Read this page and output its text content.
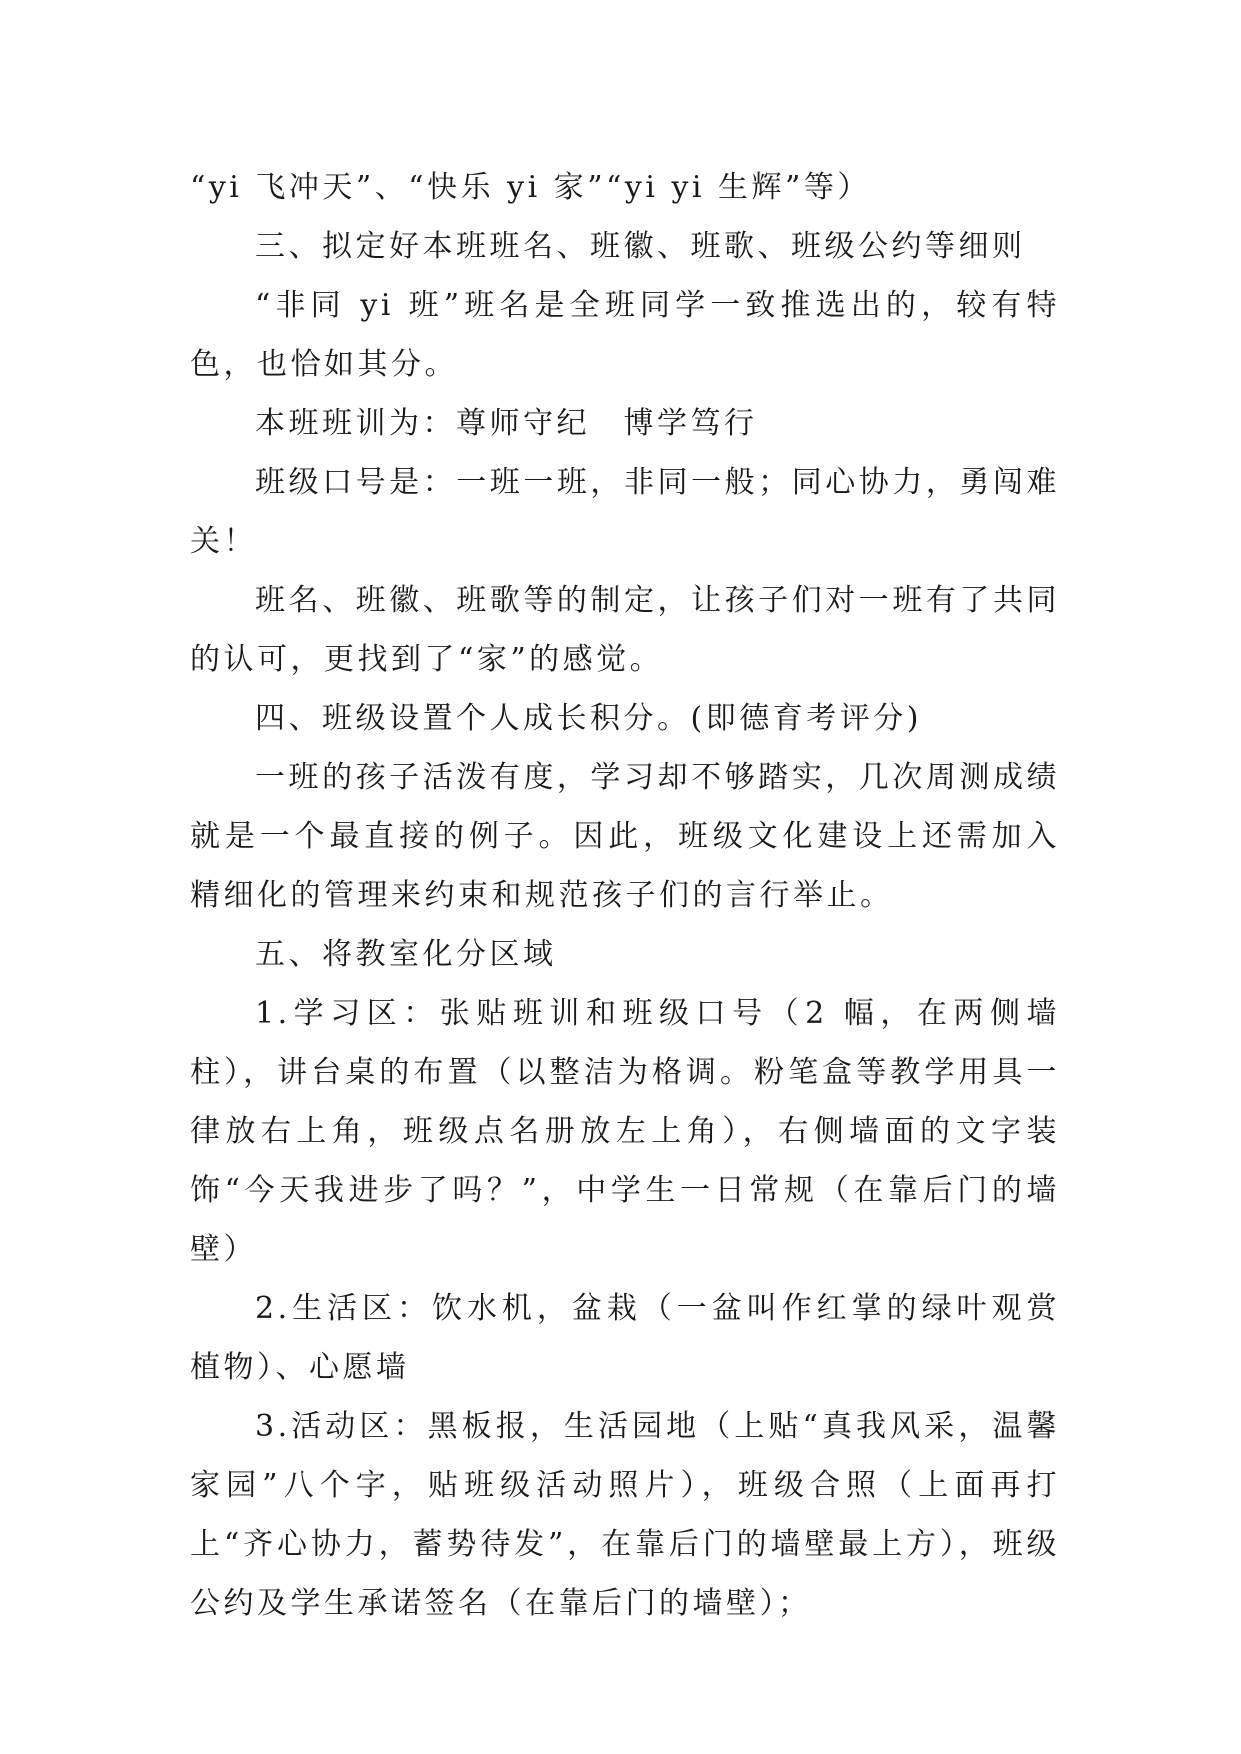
“yi 飞冲天”、“快乐 yi 家”“yi yi 生辉”等）

三、拟定好本班班名、班徽、班歌、班级公约等细则

“非同 yi 班”班名是全班同学一致推选出的，较有特色，也恰如其分。

本班班训为：尊师守纪　博学笃行

班级口号是：一班一班，非同一般；同心协力，勇闯难关！

班名、班徽、班歌等的制定，让孩子们对一班有了共同的认可，更找到了“家”的感觉。

四、班级设置个人成长积分。(即德育考评分)

一班的孩子活泼有度，学习却不够踏实，几次周测成绩就是一个最直接的例子。因此，班级文化建设上还需加入精细化的管理来约束和规范孩子们的言行举止。

五、将教室化分区域

1.学习区：张贴班训和班级口号（2 幅，在两侧墙柱），讲台桌的布置（以整洁为格调。粉笔盒等教学用具一律放右上角，班级点名册放左上角），右侧墙面的文字装饰“今天我进步了吗？”，中学生一日常规（在靠后门的墙壁）

2.生活区：饮水机，盆栽（一盆叫作红掌的绿叶观赏植物）、心愿墙

3.活动区：黑板报，生活园地（上贴“真我风采，温馨家园”八个字，贴班级活动照片），班级合照（上面再打上“齐心协力，蓄势待发”，在靠后门的墙壁最上方），班级公约及学生承诺签名（在靠后门的墙壁）；
